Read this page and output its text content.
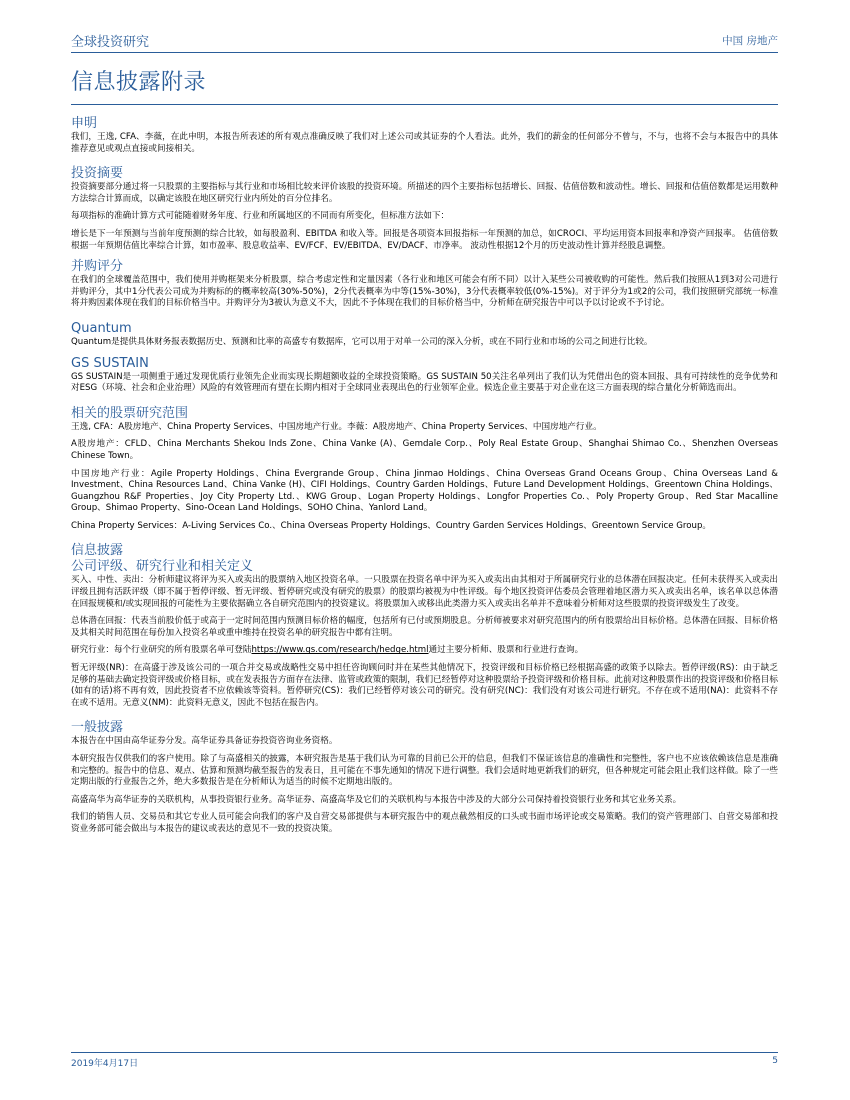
全球投资研究	中国 房地产
信息披露附录
申明

我们，王逸, CFA、李薇，在此申明，本报告所表述的所有观点准确反映了我们对上述公司或其证券的个人看法。此外，我们的薪金的任何部分不曾与，不与，也将不会与本报告中的具体推荐意见或观点直接或间接相关。

投资摘要

投资摘要部分通过将一只股票的主要指标与其行业和市场相比较来评价该股的投资环境。所描述的四个主要指标包括增长、回报、估值倍数和波动性。增长、回报和估值倍数都是运用数种方法综合计算而成，以确定该股在地区研究行业内所处的百分位排名。

每项指标的准确计算方式可能随着财务年度、行业和所属地区的不同而有所变化，但标准方法如下：

增长是下一年预测与当前年度预测的综合比较，如每股盈利、EBITDA 和收入等。回报是各项资本回报指标一年预测的加总，如CROCI、平均运用资本回报率和净资产回报率。 估值倍数根据一年预期估值比率综合计算，如市盈率、股息收益率、EV/FCF、EV/EBITDA、EV/DACF、市净率。 波动性根据12个月的历史波动性计算并经股息调整。

并购评分

在我们的全球覆盖范围中，我们使用并购框架来分析股票，综合考虑定性和定量因素（各行业和地区可能会有所不同）以计入某些公司被收购的可能性。然后我们按照从1到3对公司进行并购评分，其中1分代表公司成为并购标的的概率较高(30%-50%)，2分代表概率为中等(15%-30%)，3分代表概率较低(0%-15%)。对于评分为1或2的公司，我们按照研究部统一标准将并购因素体现在我们的目标价格当中。并购评分为3被认为意义不大，因此不予体现在我们的目标价格当中，分析师在研究报告中可以予以讨论或不予讨论。

Quantum

Quantum是提供具体财务报表数据历史、预测和比率的高盛专有数据库，它可以用于对单一公司的深入分析，或在不同行业和市场的公司之间进行比较。

GS SUSTAIN

GS SUSTAIN是一项侧重于通过发现优质行业领先企业而实现长期超额收益的全球投资策略。GS SUSTAIN 50关注名单列出了我们认为凭借出色的资本回报、具有可持续性的竞争优势和对ESG（环境、社会和企业治理）风险的有效管理而有望在长期内相对于全球同业表现出色的行业领军企业。候选企业主要基于对企业在这三方面表现的综合量化分析筛选而出。

相关的股票研究范围

王逸, CFA：A股房地产、China Property Services、中国房地产行业。李薇：A股房地产、China Property Services、中国房地产行业。

A股房地产：CFLD、China Merchants Shekou Inds Zone、China Vanke (A)、Gemdale Corp.、Poly Real Estate Group、Shanghai Shimao Co.、Shenzhen Overseas Chinese Town。

中国房地产行业：Agile Property Holdings、China Evergrande Group、China Jinmao Holdings、China Overseas Grand Oceans Group、China Overseas Land & Investment、China Resources Land、China Vanke (H)、CIFI Holdings、Country Garden Holdings、Future Land Development Holdings、Greentown China Holdings、Guangzhou R&F Properties、Joy City Property Ltd.、KWG Group、Logan Property Holdings、Longfor Properties Co.、Poly Property Group、Red Star Macalline Group、Shimao Property、Sino-Ocean Land Holdings、SOHO China、Yanlord Land。

China Property Services：A-Living Services Co.、China Overseas Property Holdings、Country Garden Services Holdings、Greentown Service Group。

信息披露
公司评级、研究行业和相关定义

买入、中性、卖出：分析师建议将评为买入或卖出的股票纳入地区投资名单。一只股票在投资名单中评为买入或卖出由其相对于所属研究行业的总体潜在回报决定。任何未获得买入或卖出评级且拥有活跃评级（即不属于暂停评级、暂无评级、暂停研究或没有研究的股票）的股票均被视为中性评级。每个地区投资评估委员会管理着地区潜力买入或卖出名单，该名单以总体潜在回报规模和/或实现回报的可能性为主要依据确立各自研究范围内的投资建议。将股票加入或移出此类潜力买入或卖出名单并不意味着分析师对这些股票的投资评级发生了改变。

总体潜在回报：代表当前股价低于或高于一定时间范围内预测目标价格的幅度，包括所有已付或预期股息。分析师被要求对研究范围内的所有股票给出目标价格。总体潜在回报、目标价格及其相关时间范围在每份加入投资名单或重申维持在投资名单的研究报告中都有注明。

研究行业：每个行业研究的所有股票名单可登陆https://www.gs.com/research/hedge.html通过主要分析师、股票和行业进行查询。

暂无评级(NR)：在高盛于涉及该公司的一项合并交易或战略性交易中担任咨询顾问时并在某些其他情况下，投资评级和目标价格已经根据高盛的政策予以除去。暂停评级(RS)：由于缺乏足够的基础去确定投资评级或价格目标，或在发表报告方面存在法律、监管或政策的限制，我们已经暂停对这种股票给予投资评级和价格目标。此前对这种股票作出的投资评级和价格目标(如有的话)将不再有效，因此投资者不应依赖该等资料。暂停研究(CS)：我们已经暂停对该公司的研究。没有研究(NC)：我们没有对该公司进行研究。不存在或不适用(NA)：此资料不存在或不适用。无意义(NM)：此资料无意义，因此不包括在报告内。

一般披露

本报告在中国由高华证券分发。高华证券具备证券投资咨询业务资格。

本研究报告仅供我们的客户使用。除了与高盛相关的披露，本研究报告是基于我们认为可靠的目前已公开的信息，但我们不保证该信息的准确性和完整性，客户也不应该依赖该信息是准确和完整的。报告中的信息、观点、估算和预测均截至报告的发表日，且可能在不事先通知的情况下进行调整。我们会适时地更新我们的研究，但各种规定可能会阻止我们这样做。除了一些定期出版的行业报告之外，绝大多数报告是在分析师认为适当的时候不定期地出版的。

高盛高华为高华证券的关联机构，从事投资银行业务。高华证券、高盛高华及它们的关联机构与本报告中涉及的大部分公司保持着投资银行业务和其它业务关系。

我们的销售人员、交易员和其它专业人员可能会向我们的客户及自营交易部提供与本研究报告中的观点截然相反的口头或书面市场评论或交易策略。我们的资产管理部门、自营交易部和投资业务部可能会做出与本报告的建议或表达的意见不一致的投资决策。

2019年4月17日	5
